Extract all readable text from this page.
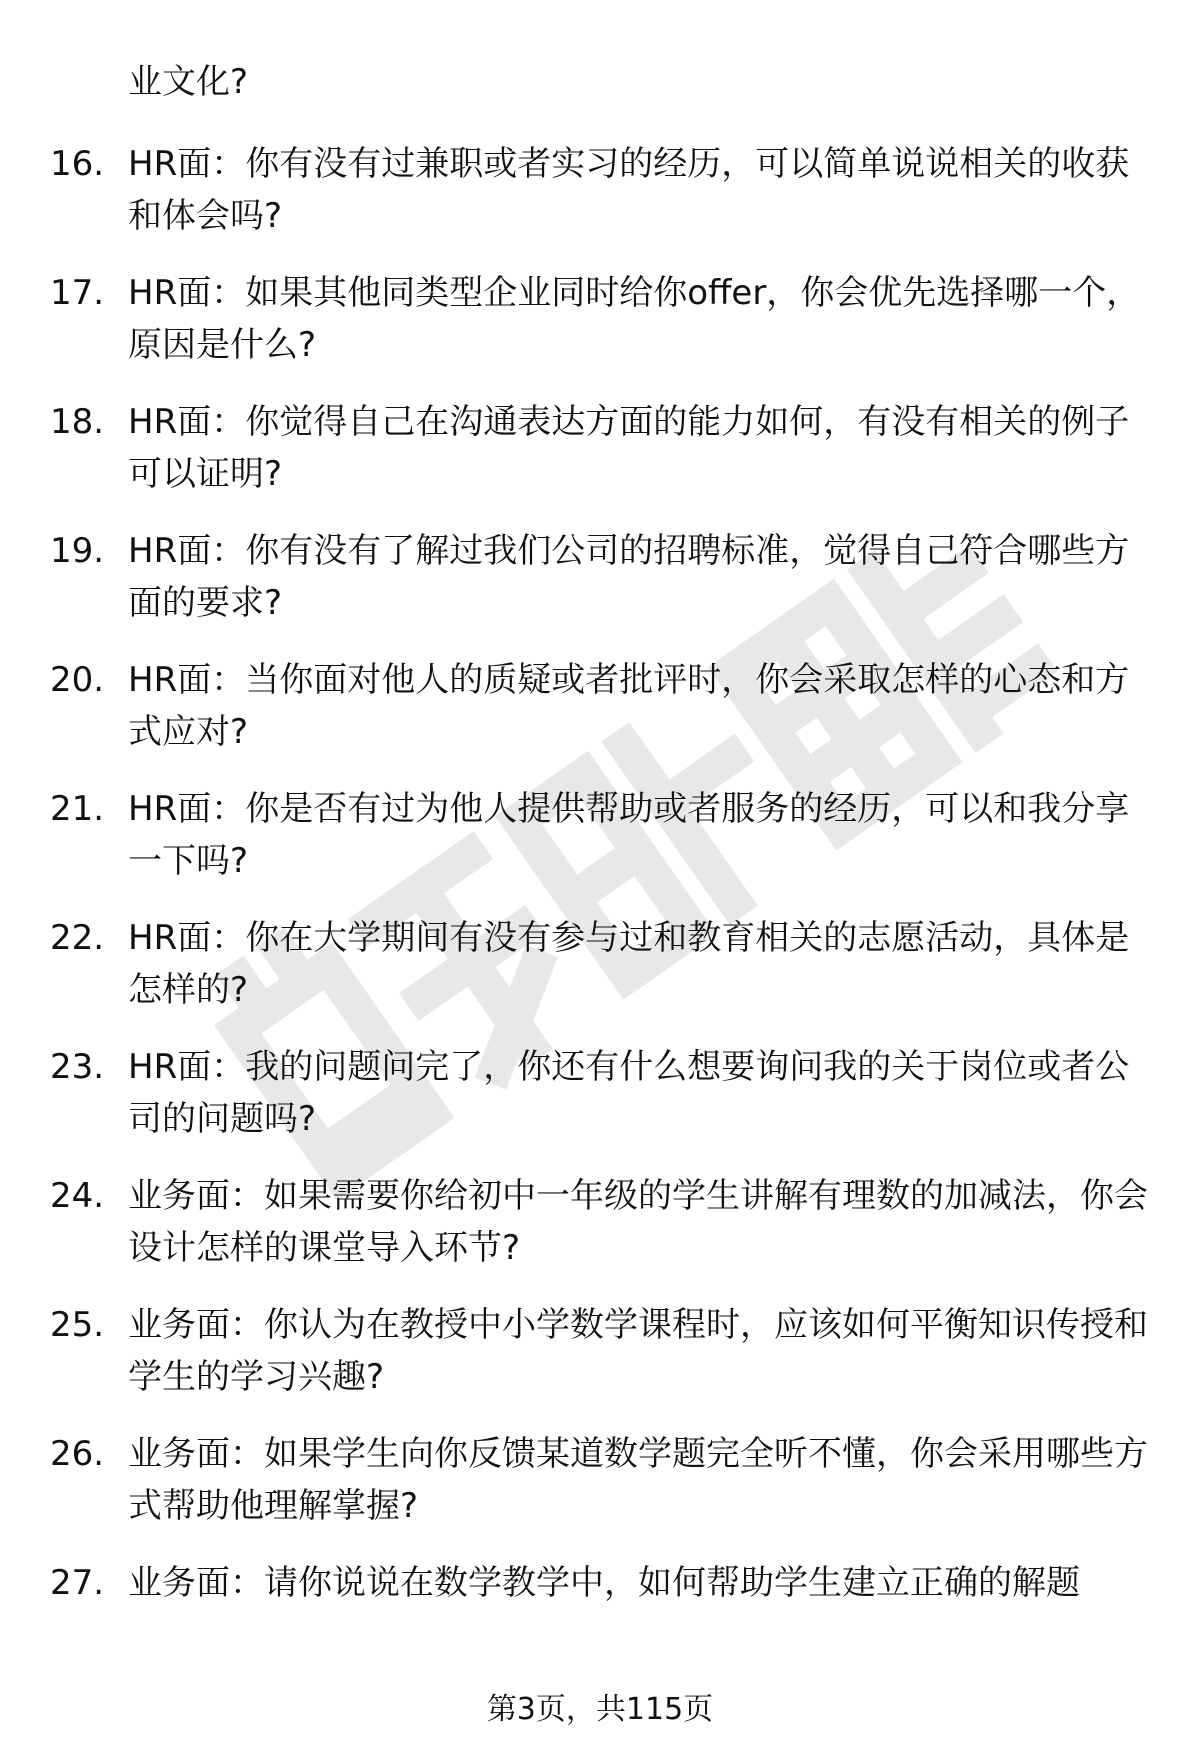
业文化?
16. HR面：你有没有过兼职或者实习的经历，可以简单说说相关的收获和体会吗?
17. HR面：如果其他同类型企业同时给你offer，你会优先选择哪一个，原因是什么?
18. HR面：你觉得自己在沟通表达方面的能力如何，有没有相关的例子可以证明?
19. HR面：你有没有了解过我们公司的招聘标准，觉得自己符合哪些方面的要求?
20. HR面：当你面对他人的质疑或者批评时，你会采取怎样的心态和方式应对?
21. HR面：你是否有过为他人提供帮助或者服务的经历，可以和我分享一下吗?
22. HR面：你在大学期间有没有参与过和教育相关的志愿活动，具体是怎样的?
23. HR面：我的问题问完了，你还有什么想要询问我的关于岗位或者公司的问题吗?
24. 业务面：如果需要你给初中一年级的学生讲解有理数的加减法，你会设计怎样的课堂导入环节?
25. 业务面：你认为在教授中小学数学课程时，应该如何平衡知识传授和学生的学习兴趣?
26. 业务面：如果学生向你反馈某道数学题完全听不懂，你会采用哪些方式帮助他理解掌握?
27. 业务面：请你说说在数学教学中，如何帮助学生建立正确的解题
第3页，共115页
